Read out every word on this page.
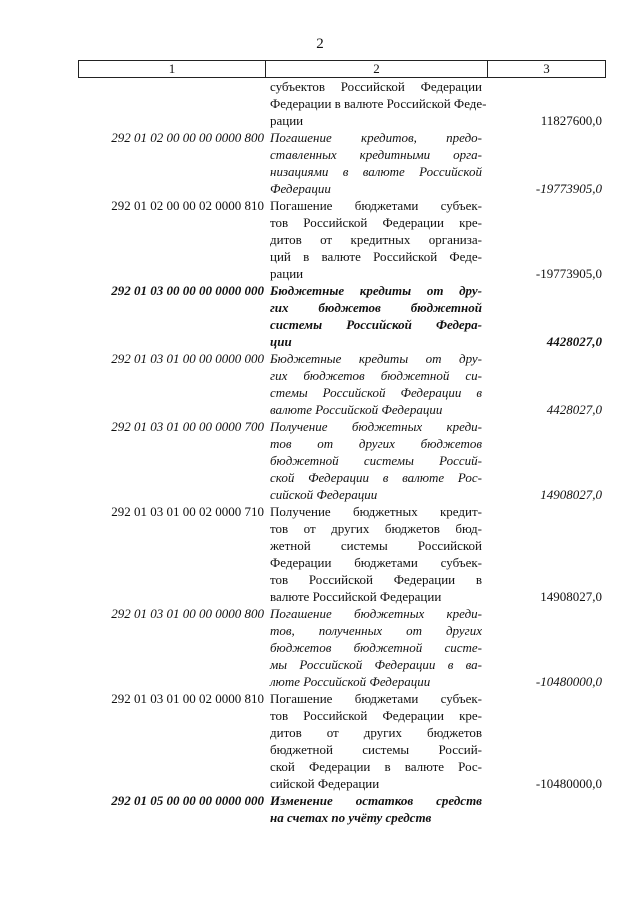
2
1	2	3
субъектов Российской Федерации
Федерации в валюте Российской Феде-
рации	11827600,0
292 01 02 00 00 00 0000 800 Погашение кредитов, предо-
ставленных кредитными орга-
низациями в валюте Российской
Федерации	-19773905,0
292 01 02 00 00 02 0000 810 Погашение бюджетами субъек-
тов Российской Федерации кре-
дитов от кредитных организа-
ций в валюте Российской Феде-
рации	-19773905,0
292 01 03 00 00 00 0000 000 Бюджетные кредиты от дру-
гих бюджетов бюджетной
системы Российской Федера-
ции	4428027,0
292 01 03 01 00 00 0000 000 Бюджетные кредиты от дру-
гих бюджетов бюджетной си-
стемы Российской Федерации в
валюте Российской Федерации	4428027,0
292 01 03 01 00 00 0000 700 Получение бюджетных креди-
тов от других бюджетов
бюджетной системы Россий-
ской Федерации в валюте Рос-
сийской Федерации	14908027,0
292 01 03 01 00 02 0000 710 Получение бюджетных кредит-
тов от других бюджетов бюд-
жетной системы Российской
Федерации бюджетами субъек-
тов Российской Федерации в
валюте Российской Федерации	14908027,0
292 01 03 01 00 00 0000 800 Погашение бюджетных креди-
тов, полученных от других
бюджетов бюджетной систе-
мы Российской Федерации в ва-
люте Российской Федерации	-10480000,0
292 01 03 01 00 02 0000 810 Погашение бюджетами субъек-
тов Российской Федерации кре-
дитов от других бюджетов
бюджетной системы Россий-
ской Федерации в валюте Рос-
сийской Федерации	-10480000,0
292 01 05 00 00 00 0000 000 Изменение остатков средств
на счетах по учёту средств
